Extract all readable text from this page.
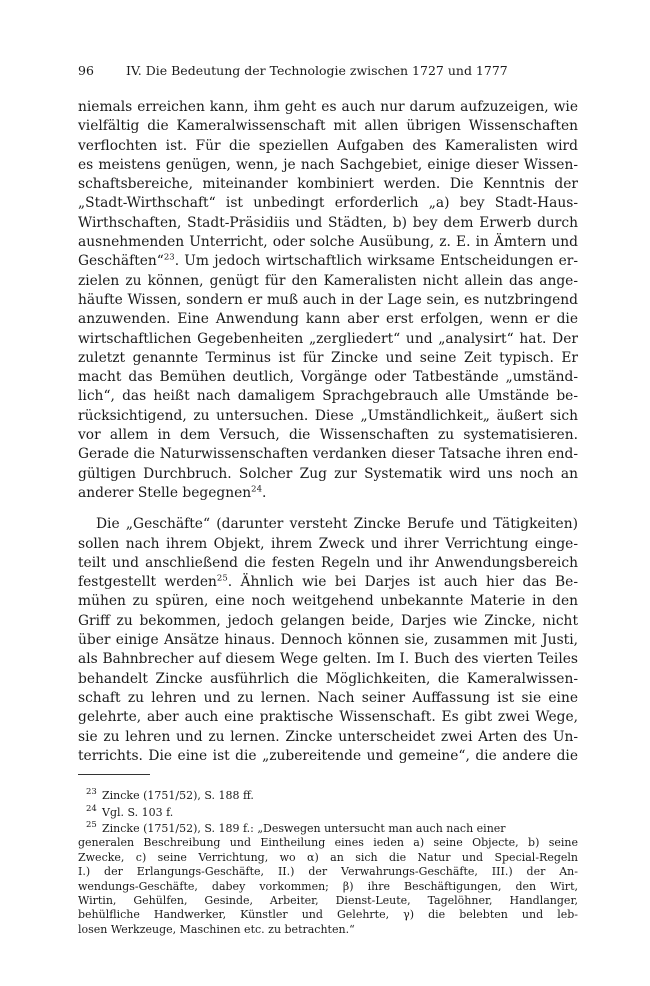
96	IV. Die Bedeutung der Technologie zwischen 1727 und 1777

niemals erreichen kann, ihm geht es auch nur darum aufzuzeigen, wie
vielfältig die Kameralwissenschaft mit allen übrigen Wissenschaften
verflochten ist. Für die speziellen Aufgaben des Kameralisten wird
es meistens genügen, wenn, je nach Sachgebiet, einige dieser Wissen-
schaftsbereiche, miteinander kombiniert werden. Die Kenntnis der
„Stadt-Wirthschaft“ ist unbedingt erforderlich „a) bey Stadt-Haus-
Wirthschaften, Stadt-Präsidiis und Städten, b) bey dem Erwerb durch
ausnehmenden Unterricht, oder solche Ausübung, z. E. in Ämtern und
Geschäften“$^{23}$. Um jedoch wirtschaftlich wirksame Entscheidungen er-
zielen zu können, genügt für den Kameralisten nicht allein das ange-
häufte Wissen, sondern er muß auch in der Lage sein, es nutzbringend
anzuwenden. Eine Anwendung kann aber erst erfolgen, wenn er die
wirtschaftlichen Gegebenheiten „zergliedert“ und „analysirt“ hat. Der
zuletzt genannte Terminus ist für Zincke und seine Zeit typisch. Er
macht das Bemühen deutlich, Vorgänge oder Tatbestände „umständ-
lich“, das heißt nach damaligem Sprachgebrauch alle Umstände be-
rücksichtigend, zu untersuchen. Diese „Umständlichkeit„ äußert sich
vor allem in dem Versuch, die Wissenschaften zu systematisieren.
Gerade die Naturwissenschaften verdanken dieser Tatsache ihren end-
gültigen Durchbruch. Solcher Zug zur Systematik wird uns noch an
anderer Stelle begegnen$^{24}$.

Die „Geschäfte“ (darunter versteht Zincke Berufe und Tätigkeiten)
sollen nach ihrem Objekt, ihrem Zweck und ihrer Verrichtung einge-
teilt und anschließend die festen Regeln und ihr Anwendungsbereich
festgestellt werden$^{25}$. Ähnlich wie bei Darjes ist auch hier das Be-
mühen zu spüren, eine noch weitgehend unbekannte Materie in den
Griff zu bekommen, jedoch gelangen beide, Darjes wie Zincke, nicht
über einige Ansätze hinaus. Dennoch können sie, zusammen mit Justi,
als Bahnbrecher auf diesem Wege gelten. Im I. Buch des vierten Teiles
behandelt Zincke ausführlich die Möglichkeiten, die Kameralwissen-
schaft zu lehren und zu lernen. Nach seiner Auffassung ist sie eine
gelehrte, aber auch eine praktische Wissenschaft. Es gibt zwei Wege,
sie zu lehren und zu lernen. Zincke unterscheidet zwei Arten des Un-
terrichts. Die eine ist die „zubereitende und gemeine“, die andere die

23 Zincke (1751/52), S. 188 ff.
24 Vgl. S. 103 f.
25 Zincke (1751/52), S. 189 f.: „Deswegen untersucht man auch nach einer
generalen Beschreibung und Eintheilung eines ieden a) seine Objecte, b) seine
Zwecke, c) seine Verrichtung, wo α) an sich die Natur und Special-Regeln
I.) der Erlangungs-Geschäfte, II.) der Verwahrungs-Geschäfte, III.) der An-
wendungs-Geschäfte, dabey vorkommen; β) ihre Beschäftigungen, den Wirt,
Wirtin, Gehülfen, Gesinde, Arbeiter, Dienst-Leute, Tagelöhner, Handlanger,
behülfliche Handwerker, Künstler und Gelehrte, γ) die belebten und leb-
losen Werkzeuge, Maschinen etc. zu betrachten.“
